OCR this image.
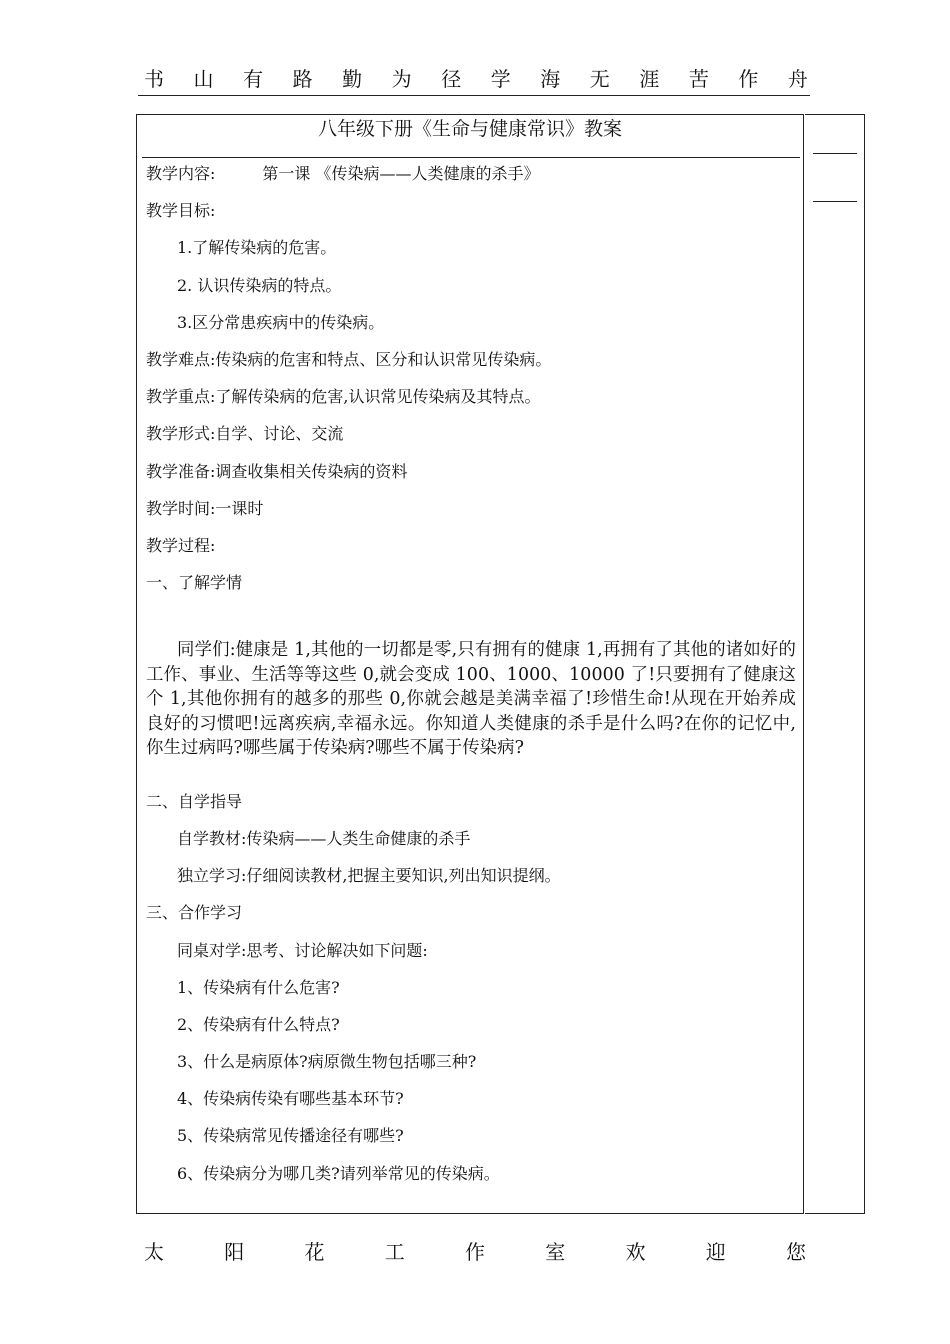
书 山 有 路 勤 为 径 学 海 无 涯 苦 作 舟
八年级下册《生命与健康常识》教案
教学内容:	第一课 《传染病——人类健康的杀手》
教学目标:
1.了解传染病的危害。
2. 认识传染病的特点。
3.区分常患疾病中的传染病。
教学难点:传染病的危害和特点、区分和认识常见传染病。
教学重点:了解传染病的危害,认识常见传染病及其特点。
教学形式:自学、讨论、交流
教学准备:调查收集相关传染病的资料
教学时间:一课时
教学过程:
一、了解学情
同学们:健康是 1,其他的一切都是零,只有拥有的健康 1,再拥有了其他的诸如好的工作、事业、生活等等这些 0,就会变成 100、1000、10000 了!只要拥有了健康这个 1,其他你拥有的越多的那些 0,你就会越是美满幸福了!珍惜生命!从现在开始养成良好的习惯吧!远离疾病,幸福永远。你知道人类健康的杀手是什么吗?在你的记忆中,你生过病吗?哪些属于传染病?哪些不属于传染病?
二、自学指导
自学教材:传染病——人类生命健康的杀手
独立学习:仔细阅读教材,把握主要知识,列出知识提纲。
三、合作学习
同桌对学:思考、讨论解决如下问题:
1、传染病有什么危害?
2、传染病有什么特点?
3、什么是病原体?病原微生物包括哪三种?
4、传染病传染有哪些基本环节?
5、传染病常见传播途径有哪些?
6、传染病分为哪几类?请列举常见的传染病。
太	阳	花	工	作	室	欢	迎	您
